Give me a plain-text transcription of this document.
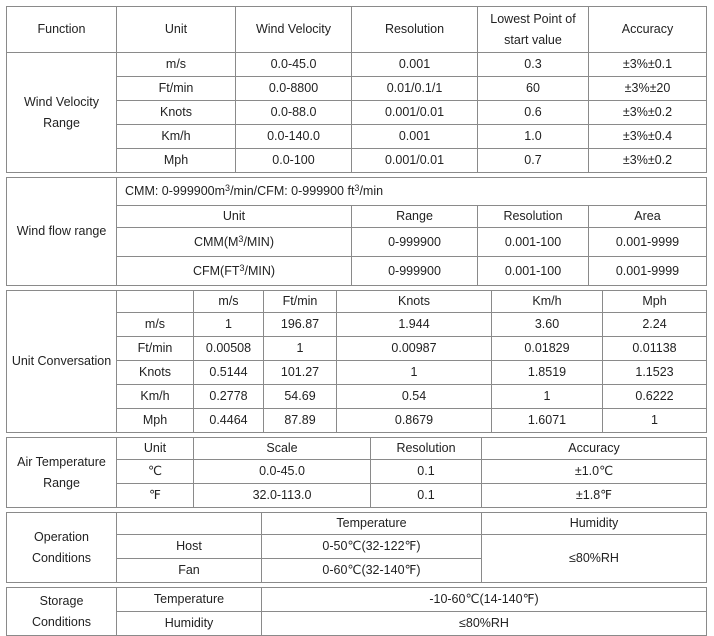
Function	Unit	Wind Velocity	Resolution	Lowest Point of start value	Accuracy
Wind Velocity Range	m/s	0.0-45.0	0.001	0.3	±3%±0.1
	Ft/min	0.0-8800	0.01/0.1/1	60	±3%±20
	Knots	0.0-88.0	0.001/0.01	0.6	±3%±0.2
	Km/h	0.0-140.0	0.001	1.0	±3%±0.4
	Mph	0.0-100	0.001/0.01	0.7	±3%±0.2
Wind flow range	CMM: $0-999900m^3/\min$/CFM: 0-999900 $ft^3/\min$			
	Unit	Range	Resolution	Area
	$CMM(M^3/MIN)$	0-999900	0.001-100	0.001-9999
	$CFM(FT^3/MIN)$	0-999900	0.001-100	0.001-9999
Unit Conversation		m/s	Ft/min	Knots	Km/h	Mph
	m/s	1	196.87	1.944	3.60	2.24
	Ft/min	0.00508	1	0.00987	0.01829	0.01138
	Knots	0.5144	101.27	1	1.8519	1.1523
	Km/h	0.2778	54.69	0.54	1	0.6222
	Mph	0.4464	87.89	0.8679	1.6071	1
Air Temperature Range	Unit	Scale	Resolution	Accuracy
	℃	0.0-45.0	0.1	±1.0℃
	℉	32.0-113.0	0.1	±1.8℉
Operation Conditions		Temperature	Humidity
	Host	0-50℃(32-122℉)	≤80%RH
	Fan	0-60℃(32-140℉)	
Storage Conditions	Temperature	-10-60℃(14-140℉)
	Humidity	≤80%RH
